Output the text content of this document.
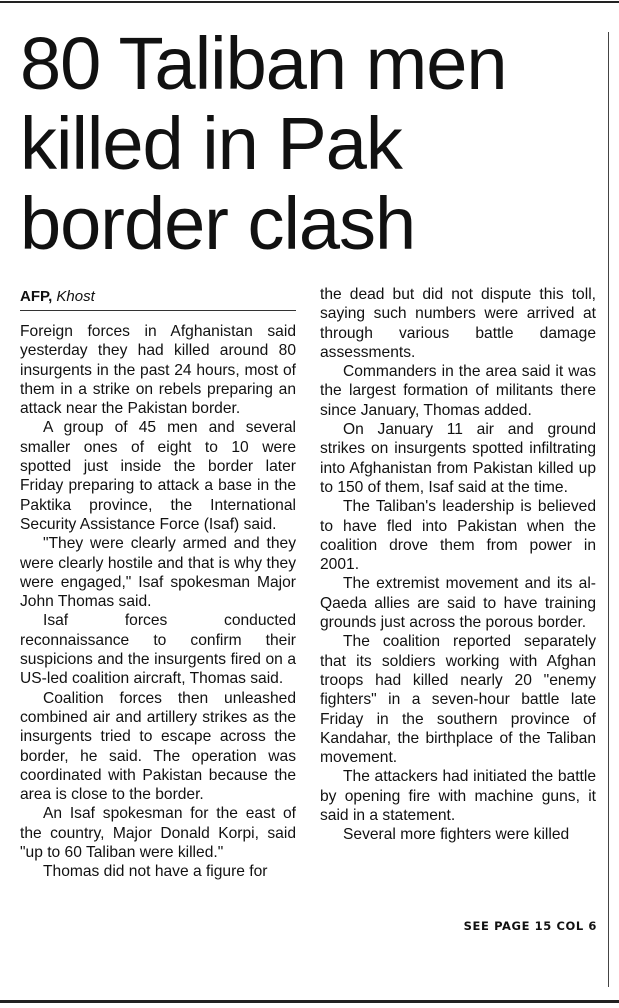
80 Taliban men
killed in Pak
border clash
AFP, Khost

Foreign forces in Afghanistan said yesterday they had killed around 80 insurgents in the past 24 hours, most of them in a strike on rebels preparing an attack near the Pakistan border.

A group of 45 men and several smaller ones of eight to 10 were spotted just inside the border later Friday preparing to attack a base in the Paktika province, the International Security Assistance Force (Isaf) said.

"They were clearly armed and they were clearly hostile and that is why they were engaged," Isaf spokesman Major John Thomas said.

Isaf forces conducted reconnaissance to confirm their suspicions and the insurgents fired on a US-led coalition aircraft, Thomas said.

Coalition forces then unleashed combined air and artillery strikes as the insurgents tried to escape across the border, he said. The operation was coordinated with Pakistan because the area is close to the border.

An Isaf spokesman for the east of the country, Major Donald Korpi, said "up to 60 Taliban were killed."

Thomas did not have a figure for

the dead but did not dispute this toll, saying such numbers were arrived at through various battle damage assessments.

Commanders in the area said it was the largest formation of militants there since January, Thomas added.

On January 11 air and ground strikes on insurgents spotted infiltrating into Afghanistan from Pakistan killed up to 150 of them, Isaf said at the time.

The Taliban's leadership is believed to have fled into Pakistan when the coalition drove them from power in 2001.

The extremist movement and its al-Qaeda allies are said to have training grounds just across the porous border.

The coalition reported separately that its soldiers working with Afghan troops had killed nearly 20 "enemy fighters" in a seven-hour battle late Friday in the southern province of Kandahar, the birthplace of the Taliban movement.

The attackers had initiated the battle by opening fire with machine guns, it said in a statement.

Several more fighters were killed

SEE PAGE 15 COL 6
